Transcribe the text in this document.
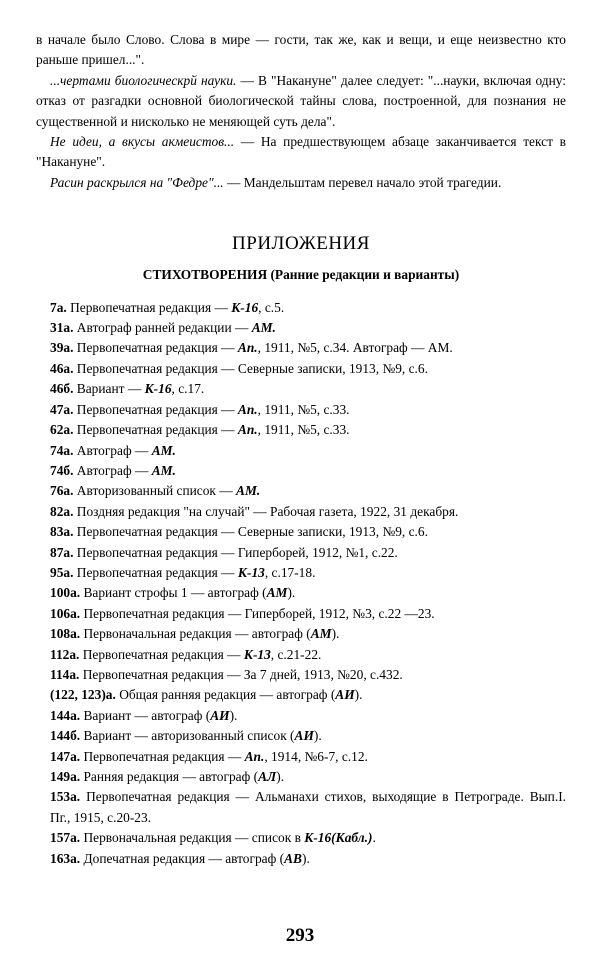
в начале было Слово. Слова в мире — гости, так же, как и вещи, и еще неизвестно кто раньше пришел...".

...чертами биологическрй науки. — В "Накануне" далее следует: "...науки, включая одну: отказ от разгадки основной биологической тайны слова, построенной, для познания не существенной и нисколько не меняющей суть дела".

Не идеи, а вкусы акмеистов... — На предшествующем абзаце заканчивается текст в "Накануне".

Расин раскрылся на "Федре"... — Мандельштам перевел начало этой трагедии.

ПРИЛОЖЕНИЯ
СТИХОТВОРЕНИЯ (Ранние редакции и варианты)
7а. Первопечатная редакция — К-16, с.5.
31а. Автограф ранней редакции — АМ.
39а. Первопечатная редакция — Ап., 1911, №5, с.34. Автограф — АМ.
46а. Первопечатная редакция — Северные записки, 1913, №9, с.6.
46б. Вариант — К-16, с.17.
47а. Первопечатная редакция — Ап., 1911, №5, с.33.
62а. Первопечатная редакция — Ап., 1911, №5, с.33.
74а. Автограф — АМ.
74б. Автограф — АМ.
76а. Авторизованный список — АМ.
82а. Поздняя редакция "на случай" — Рабочая газета, 1922, 31 декабря.
83а. Первопечатная редакция — Северные записки, 1913, №9, с.6.
87а. Первопечатная редакция — Гиперборей, 1912, №1, с.22.
95а. Первопечатная редакция — К-13, с.17-18.
100а. Вариант строфы 1 — автограф (АМ).
106а. Первопечатная редакция — Гиперборей, 1912, №3, с.22 —23.
108а. Первоначальная редакция — автограф (АМ).
112а. Первопечатная редакция — К-13, с.21-22.
114а. Первопечатная редакция — За 7 дней, 1913, №20, с.432.
(122, 123)а. Общая ранняя редакция — автограф (АИ).
144а. Вариант — автограф (АИ).
144б. Вариант — авторизованный список (АИ).
147а. Первопечатная редакция — Ап., 1914, №6-7, с.12.
149а. Ранняя редакция — автограф (АЛ).
153а. Первопечатная редакция — Альманахи стихов, выходящие в Петроградe. Вып.I. Пг., 1915, с.20-23.
157а. Первоначальная редакция — список в К-16(Кабл.).
163а. Допечатная редакция — автограф (АВ).
293
